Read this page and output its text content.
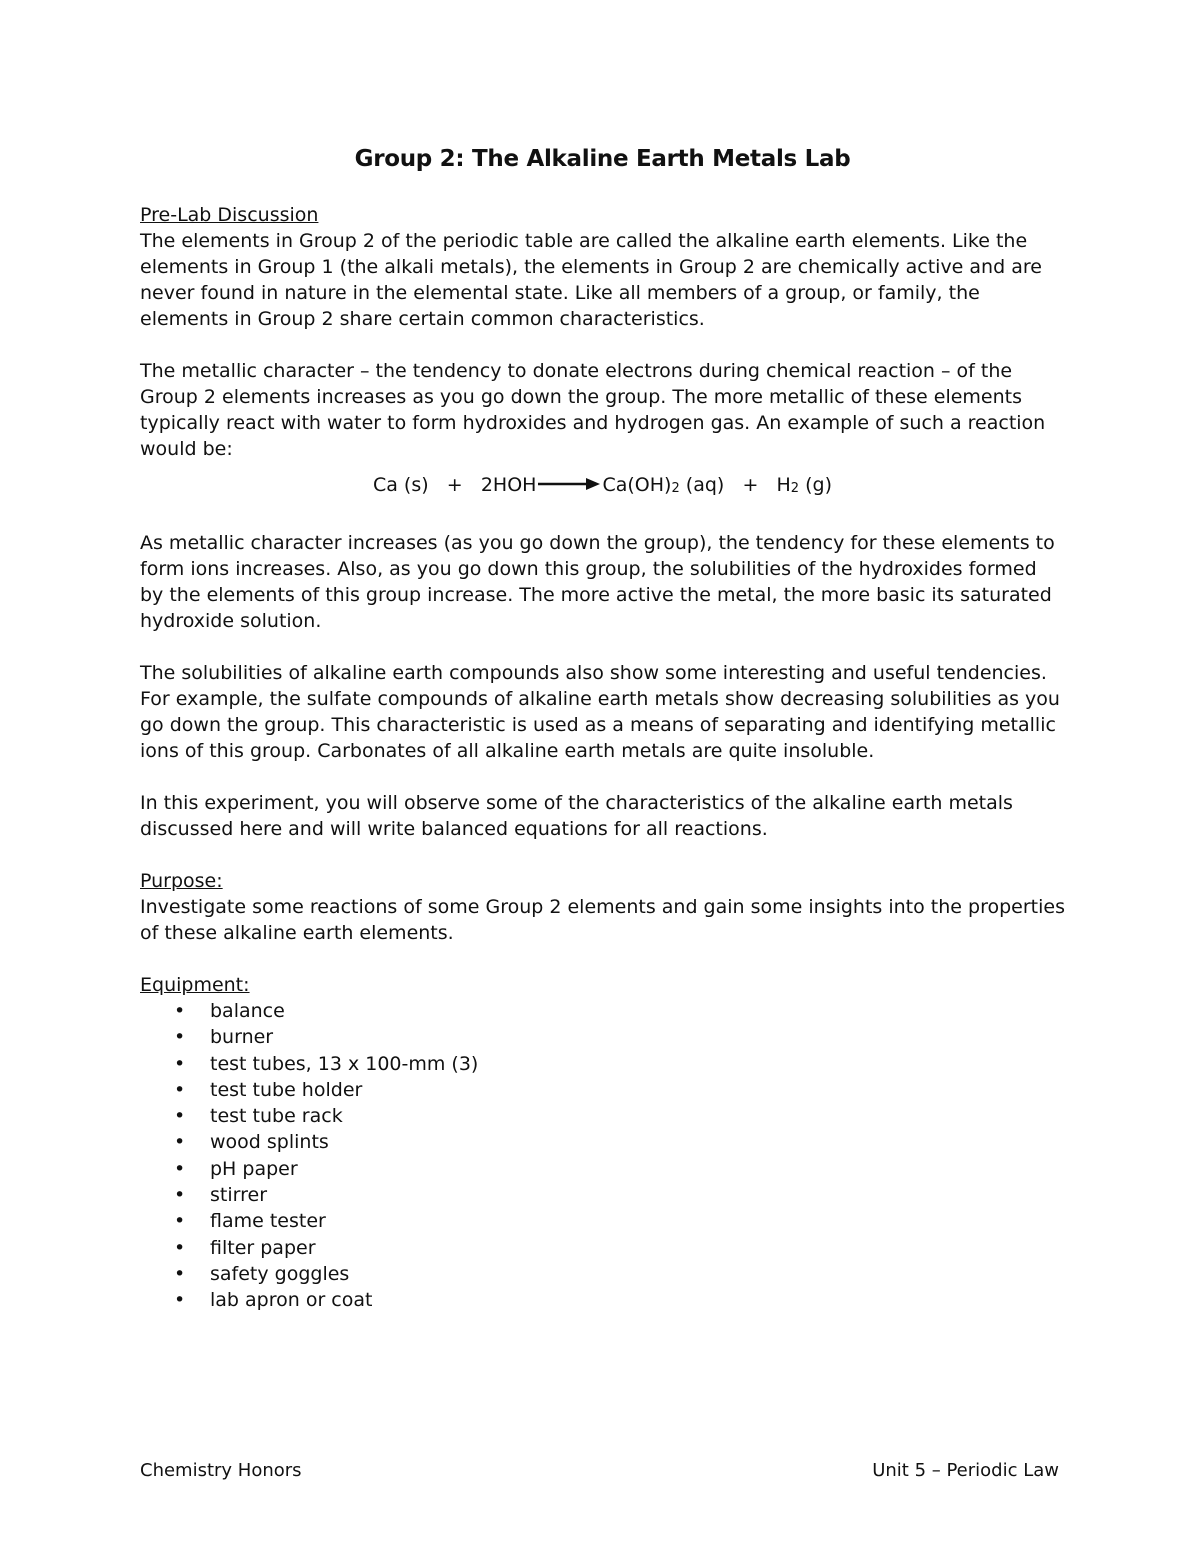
Group 2: The Alkaline Earth Metals Lab
Pre-Lab Discussion

The elements in Group 2 of the periodic table are called the alkaline earth elements. Like the elements in Group 1 (the alkali metals), the elements in Group 2 are chemically active and are never found in nature in the elemental state. Like all members of a group, or family, the elements in Group 2 share certain common characteristics.

The metallic character – the tendency to donate electrons during chemical reaction – of the Group 2 elements increases as you go down the group. The more metallic of these elements typically react with water to form hydroxides and hydrogen gas. An example of such a reaction would be:

Ca (s) + 2HOH → Ca(OH)2 (aq) + H2 (g)

As metallic character increases (as you go down the group), the tendency for these elements to form ions increases. Also, as you go down this group, the solubilities of the hydroxides formed by the elements of this group increase. The more active the metal, the more basic its saturated hydroxide solution.

The solubilities of alkaline earth compounds also show some interesting and useful tendencies. For example, the sulfate compounds of alkaline earth metals show decreasing solubilities as you go down the group. This characteristic is used as a means of separating and identifying metallic ions of this group. Carbonates of all alkaline earth metals are quite insoluble.

In this experiment, you will observe some of the characteristics of the alkaline earth metals discussed here and will write balanced equations for all reactions.

Purpose:

Investigate some reactions of some Group 2 elements and gain some insights into the properties of these alkaline earth elements.

Equipment:
• balance
• burner
• test tubes, 13 x 100-mm (3)
• test tube holder
• test tube rack
• wood splints
• pH paper
• stirrer
• flame tester
• filter paper
• safety goggles
• lab apron or coat
Chemistry Honors	Unit 5 – Periodic Law
